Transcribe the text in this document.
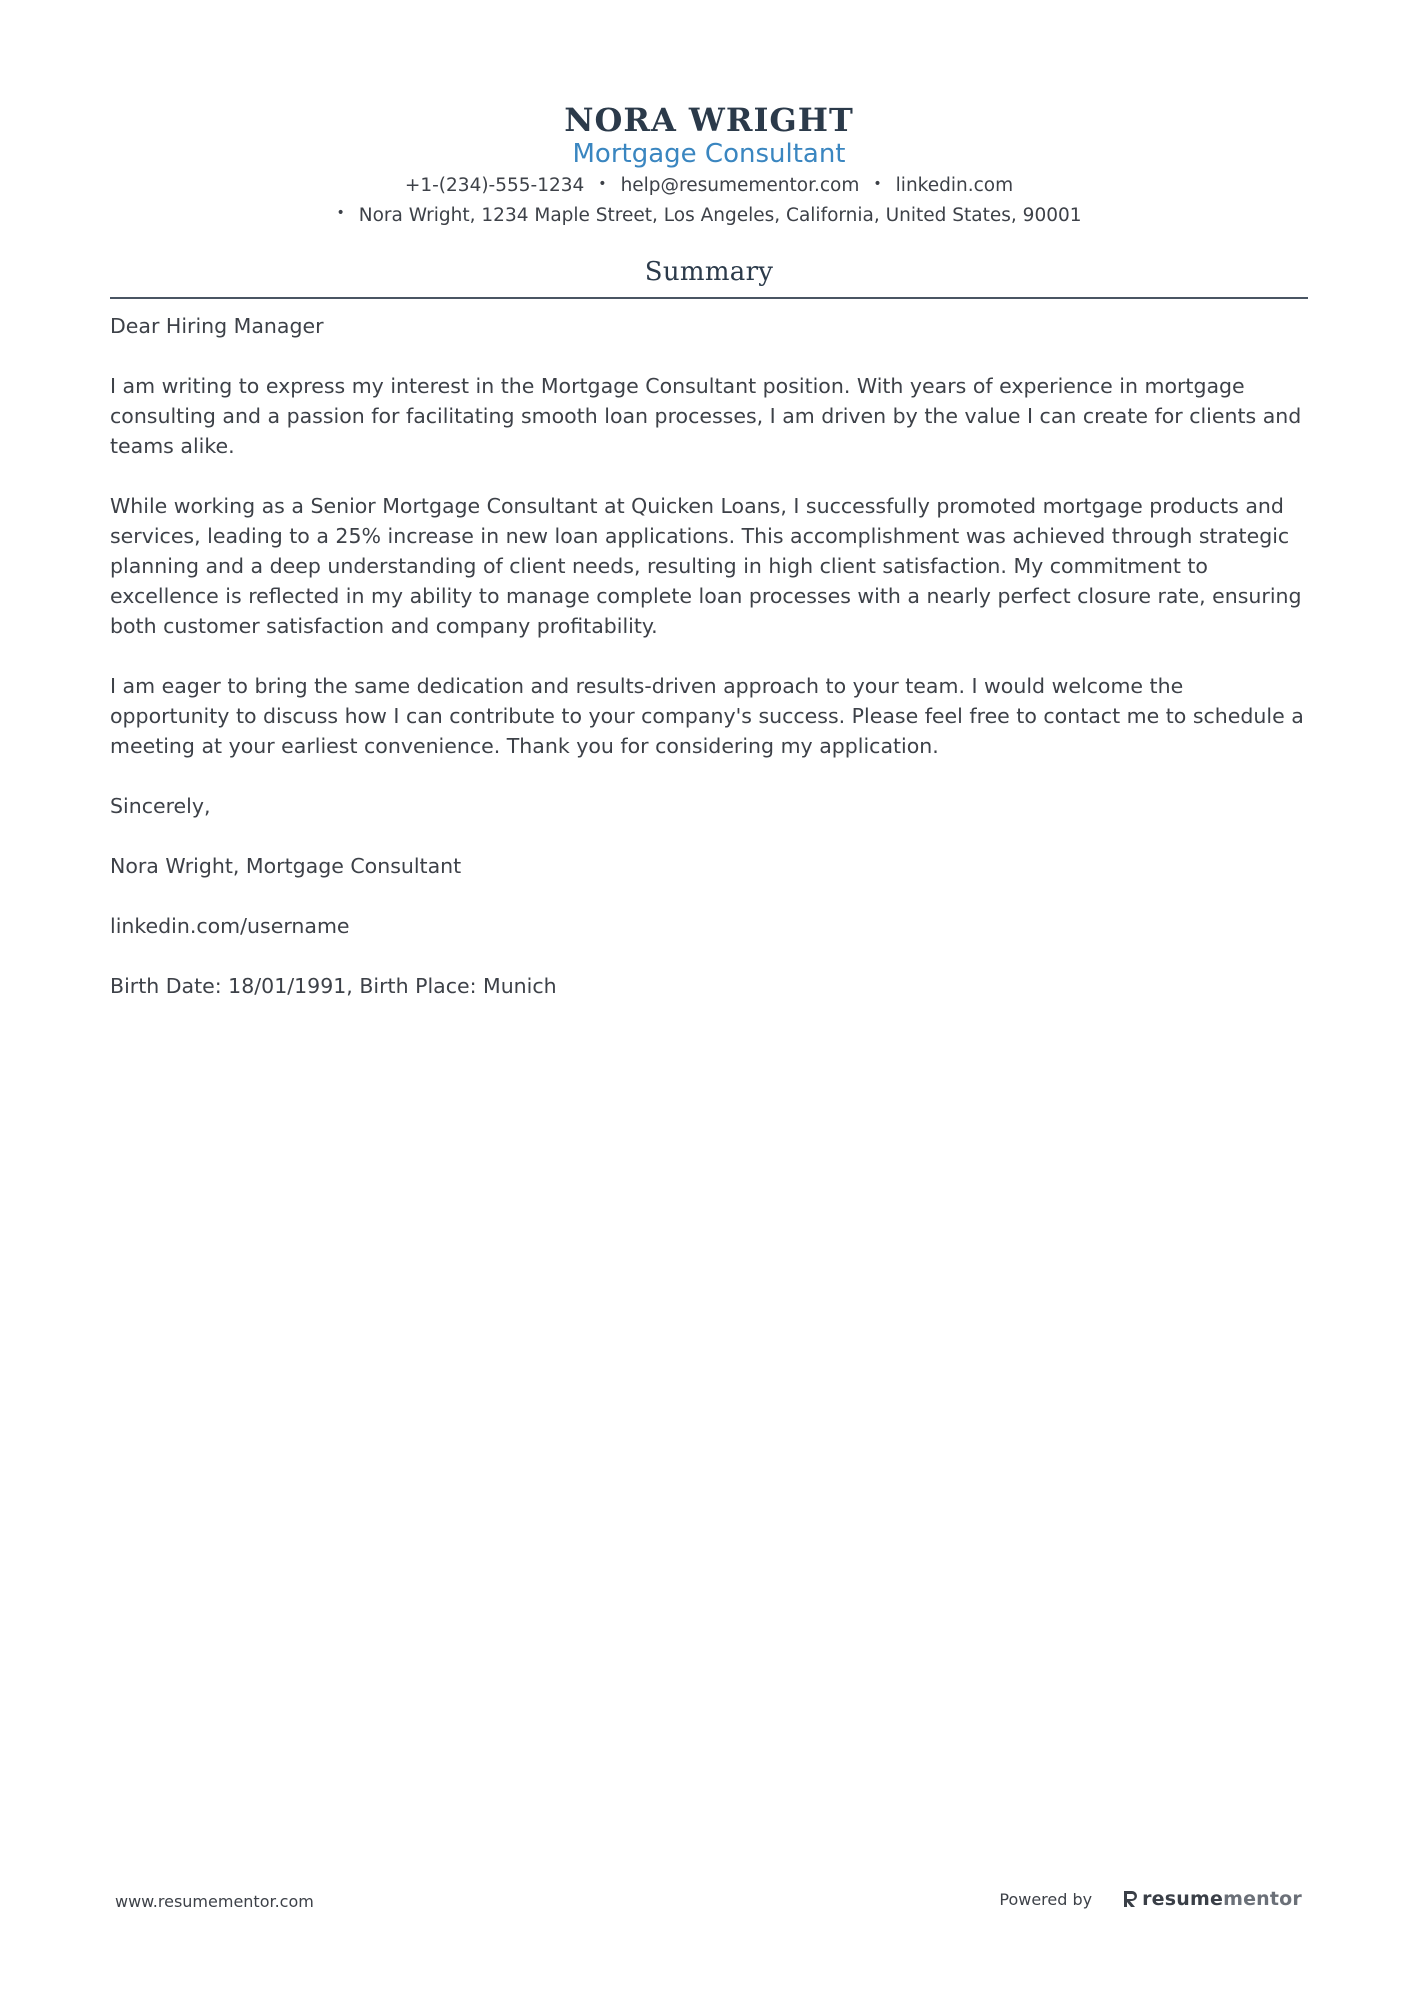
NORA WRIGHT
Mortgage Consultant
+1-(234)-555-1234 • help@resumementor.com • linkedin.com
• Nora Wright, 1234 Maple Street, Los Angeles, California, United States, 90001
Summary

Dear Hiring Manager

I am writing to express my interest in the Mortgage Consultant position. With years of experience in mortgage consulting and a passion for facilitating smooth loan processes, I am driven by the value I can create for clients and teams alike.

While working as a Senior Mortgage Consultant at Quicken Loans, I successfully promoted mortgage products and services, leading to a 25% increase in new loan applications. This accomplishment was achieved through strategic planning and a deep understanding of client needs, resulting in high client satisfaction. My commitment to excellence is reflected in my ability to manage complete loan processes with a nearly perfect closure rate, ensuring both customer satisfaction and company profitability.

I am eager to bring the same dedication and results-driven approach to your team. I would welcome the opportunity to discuss how I can contribute to your company's success. Please feel free to contact me to schedule a meeting at your earliest convenience. Thank you for considering my application.

Sincerely,

Nora Wright, Mortgage Consultant

linkedin.com/username

Birth Date: 18/01/1991, Birth Place: Munich

www.resumementor.com	Powered by	resume mentor
